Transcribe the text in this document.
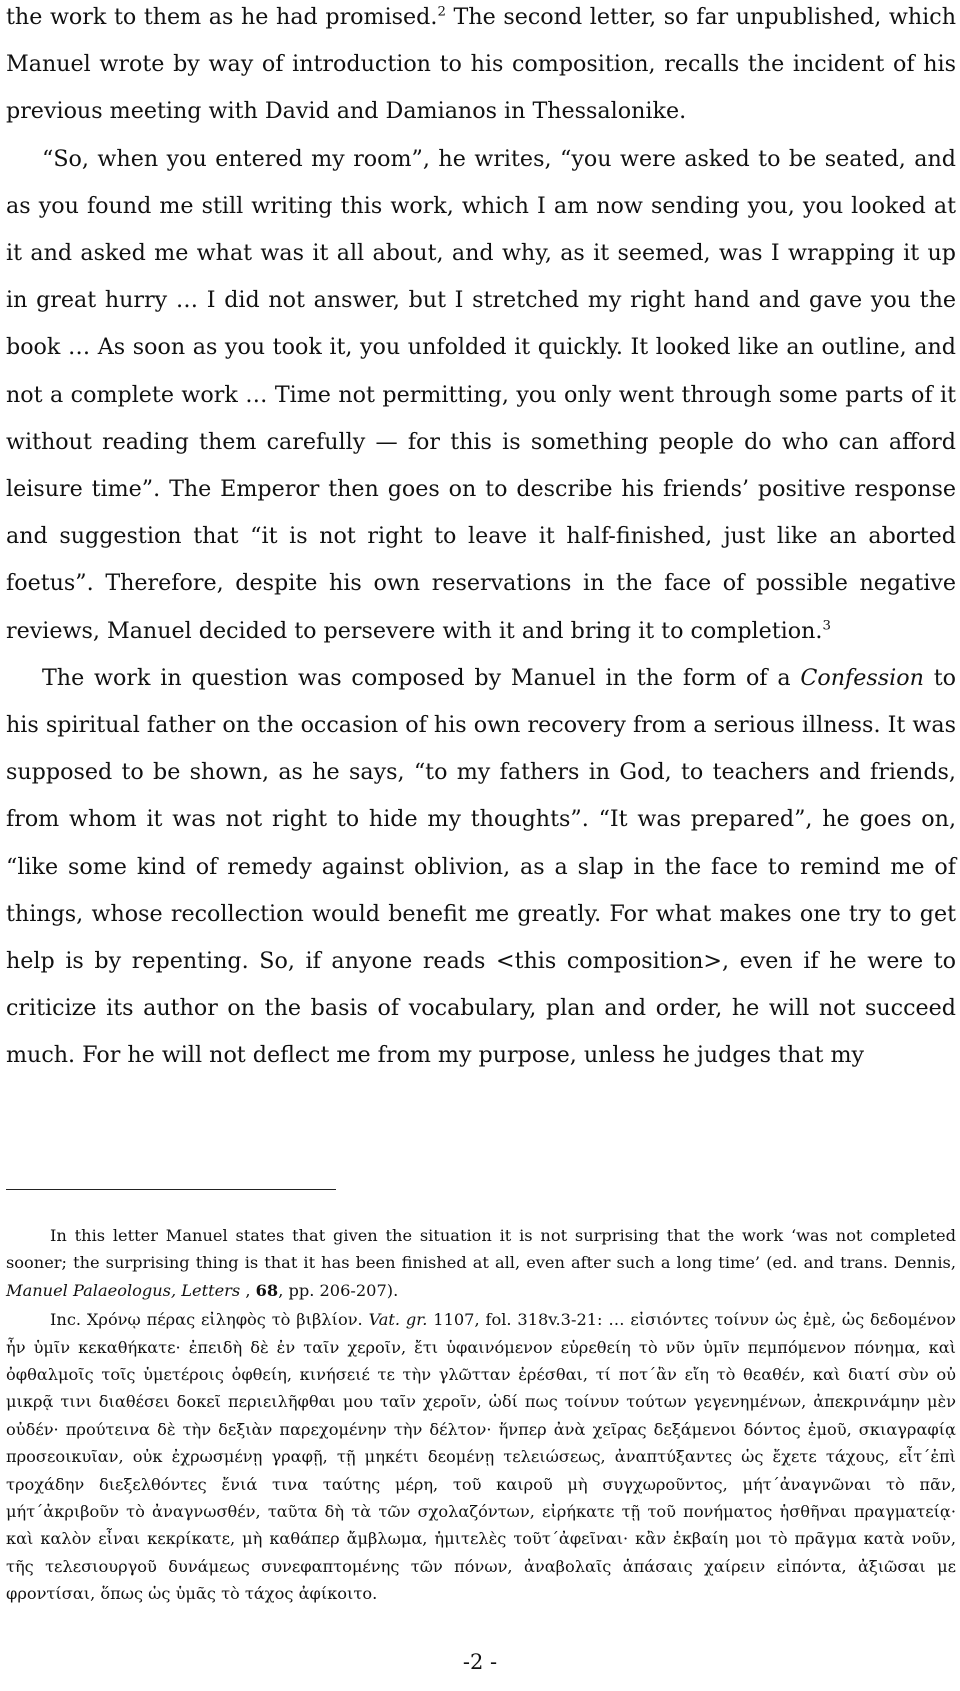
the work to them as he had promised.$^2$ The second letter, so far unpublished, which Manuel wrote by way of introduction to his composition, recalls the incident of his previous meeting with David and Damianos in Thessalonike.

“So, when you entered my room”, he writes, “you were asked to be seated, and as you found me still writing this work, which I am now sending you, you looked at it and asked me what was it all about, and why, as it seemed, was I wrapping it up in great hurry … I did not answer, but I stretched my right hand and gave you the book … As soon as you took it, you unfolded it quickly. It looked like an outline, and not a complete work … Time not permitting, you only went through some parts of it without reading them carefully — for this is something people do who can afford leisure time”. The Emperor then goes on to describe his friends’ positive response and suggestion that “it is not right to leave it half-finished, just like an aborted foetus”. Therefore, despite his own reservations in the face of possible negative reviews, Manuel decided to persevere with it and bring it to completion.$^3$

The work in question was composed by Manuel in the form of a Confession to his spiritual father on the occasion of his own recovery from a serious illness. It was supposed to be shown, as he says, “to my fathers in God, to teachers and friends, from whom it was not right to hide my thoughts”. “It was prepared”, he goes on, “like some kind of remedy against oblivion, as a slap in the face to remind me of things, whose recollection would benefit me greatly. For what makes one try to get help is by repenting. So, if anyone reads <this composition>, even if he were to criticize its author on the basis of vocabulary, plan and order, he will not succeed much. For he will not deflect me from my purpose, unless he judges that my

In this letter Manuel states that given the situation it is not surprising that the work ‘was not completed sooner; the surprising thing is that it has been finished at all, even after such a long time’ (ed. and trans. Dennis, Manuel Palaeologus, Letters , 68, pp. 206-207).
Inc. Χρόνῳ πέρας εἰληφὸς τὸ βιβλίον. Vat. gr. 1107, fol. 318v.3-21: … εἰσιόντες τοίνυν ὡς ἐμὲ, ὡς δεδομένον ἦν ὑμῖν κεκαθήκατε· ἐπειδὴ δὲ ἐν ταῖν χεροῖν, ἔτι ὑφαινόμενον εὑρεθείη τὸ νῦν ὑμῖν πεμπόμενον πόνημα, καὶ ὀφθαλμοῖς τοῖς ὑμετέροις ὀφθείη, κινήσειέ τε τὴν γλῶτταν ἐρέσθαι, τί ποτ΄ἂν εἴη τὸ θεαθέν, καὶ διατί σὺν οὐ μικρᾷ τινι διαθέσει δοκεῖ περιειλῆφθαι μου ταῖν χεροῖν, ὡδί πως τοίνυν τούτων γεγενημένων, ἀπεκρινάμην μὲν οὐδέν· προύτεινα δὲ τὴν δεξιὰν παρεχομένην τὴν δέλτον· ἥνπερ ἀνὰ χεῖρας δεξάμενοι δόντος ἐμοῦ, σκιαγραφίᾳ προσεοικυῖαν, οὐκ ἐχρωσμένῃ γραφῇ, τῇ μηκέτι δεομένῃ τελειώσεως, ἀναπτύξαντες ὡς ἔχετε τάχους, εἶτ΄ἐπὶ τροχάδην διεξελθόντες ἔνιά τινα ταύτης μέρη, τοῦ καιροῦ μὴ συγχωροῦντος, μήτ΄ἀναγνῶναι τὸ πᾶν, μήτ΄ἀκριβοῦν τὸ ἀναγνωσθέν, ταῦτα δὴ τὰ τῶν σχολαζόντων, εἰρήκατε τῇ τοῦ πονήματος ἡσθῆναι πραγματείᾳ· καὶ καλὸν εἶναι κεκρίκατε, μὴ καθάπερ ἄμβλωμα, ἡμιτελὲς τοῦτ΄ἀφεῖναι· κἂν ἐκβαίη μοι τὸ πρᾶγμα κατὰ νοῦν, τῆς τελεσιουργοῦ δυνάμεως συνεφαπτομένης τῶν πόνων, ἀναβολαῖς ἁπάσαις χαίρειν εἰπόντα, ἀξιῶσαι με φροντίσαι, ὅπως ὡς ὑμᾶς τὸ τάχος ἀφίκοιτο.
-2 -
